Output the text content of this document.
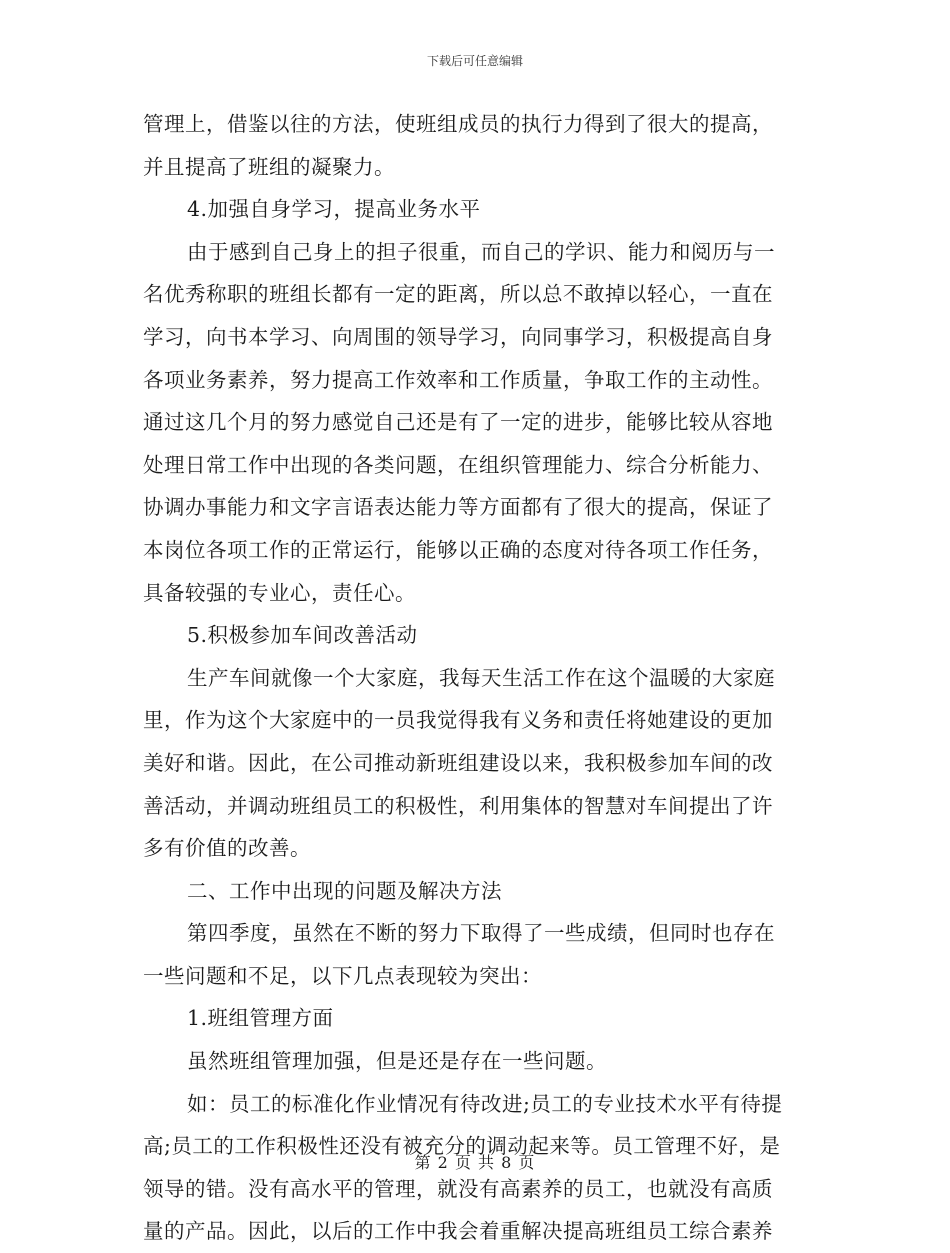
下载后可任意编辑
管理上，借鉴以往的方法，使班组成员的执行力得到了很大的提高，
并且提高了班组的凝聚力。
4.加强自身学习，提高业务水平
由于感到自己身上的担子很重，而自己的学识、能力和阅历与一
名优秀称职的班组长都有一定的距离，所以总不敢掉以轻心，一直在
学习，向书本学习、向周围的领导学习，向同事学习，积极提高自身
各项业务素养，努力提高工作效率和工作质量，争取工作的主动性。
通过这几个月的努力感觉自己还是有了一定的进步，能够比较从容地
处理日常工作中出现的各类问题，在组织管理能力、综合分析能力、
协调办事能力和文字言语表达能力等方面都有了很大的提高，保证了
本岗位各项工作的正常运行，能够以正确的态度对待各项工作任务，
具备较强的专业心，责任心。
5.积极参加车间改善活动
生产车间就像一个大家庭，我每天生活工作在这个温暖的大家庭
里，作为这个大家庭中的一员我觉得我有义务和责任将她建设的更加
美好和谐。因此，在公司推动新班组建设以来，我积极参加车间的改
善活动，并调动班组员工的积极性，利用集体的智慧对车间提出了许
多有价值的改善。
二、工作中出现的问题及解决方法
第四季度，虽然在不断的努力下取得了一些成绩，但同时也存在
一些问题和不足，以下几点表现较为突出：
1.班组管理方面
虽然班组管理加强，但是还是存在一些问题。
如：员工的标准化作业情况有待改进;员工的专业技术水平有待提
高;员工的工作积极性还没有被充分的调动起来等。员工管理不好，是
领导的错。没有高水平的管理，就没有高素养的员工，也就没有高质
量的产品。因此，以后的工作中我会着重解决提高班组员工综合素养
第 2 页 共 8 页
